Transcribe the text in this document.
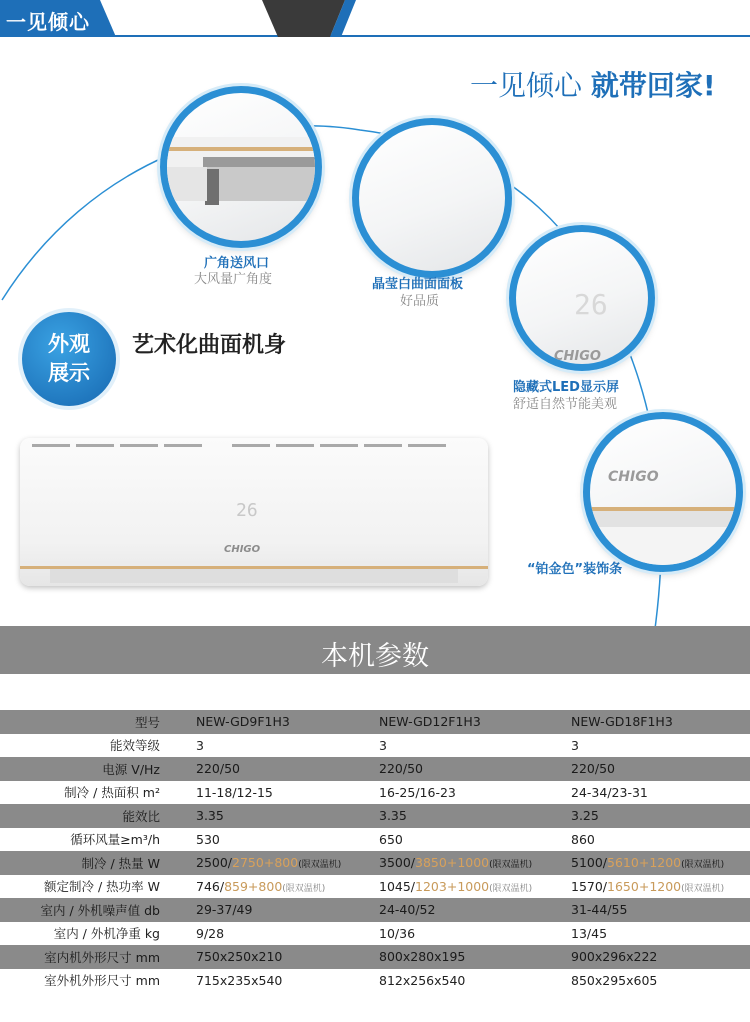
一见倾心
一见倾心 就带回家!
广角送风口
大风量广角度	晶莹白曲面面板
好品质	26
CHIGO
隐藏式LED显示屏
舒适自然节能美观
CHIGO
“铂金色”装饰条
外观
展示
艺术化曲面机身
26
CHIGO
本机参数
型号	NEW-GD9F1H3	NEW-GD12F1H3	NEW-GD18F1H3
能效等级	3	3	3
电源 V/Hz	220/50	220/50	220/50
制冷 / 热面积 m²	11-18/12-15	16-25/16-23	24-34/23-31
能效比	3.35	3.35	3.25
循环风量≥m³/h	530	650	860
制冷 / 热量 W	2500/2750+800(限双温机)	3500/3850+1000(限双温机)	5100/5610+1200(限双温机)
额定制冷 / 热功率 W	746/859+800(限双温机)	1045/1203+1000(限双温机)	1570/1650+1200(限双温机)
室内 / 外机噪声值 db	29-37/49	24-40/52	31-44/55
室内 / 外机净重 kg	9/28	10/36	13/45
室内机外形尺寸 mm	750x250x210	800x280x195	900x296x222
室外机外形尺寸 mm	715x235x540	812x256x540	850x295x605
